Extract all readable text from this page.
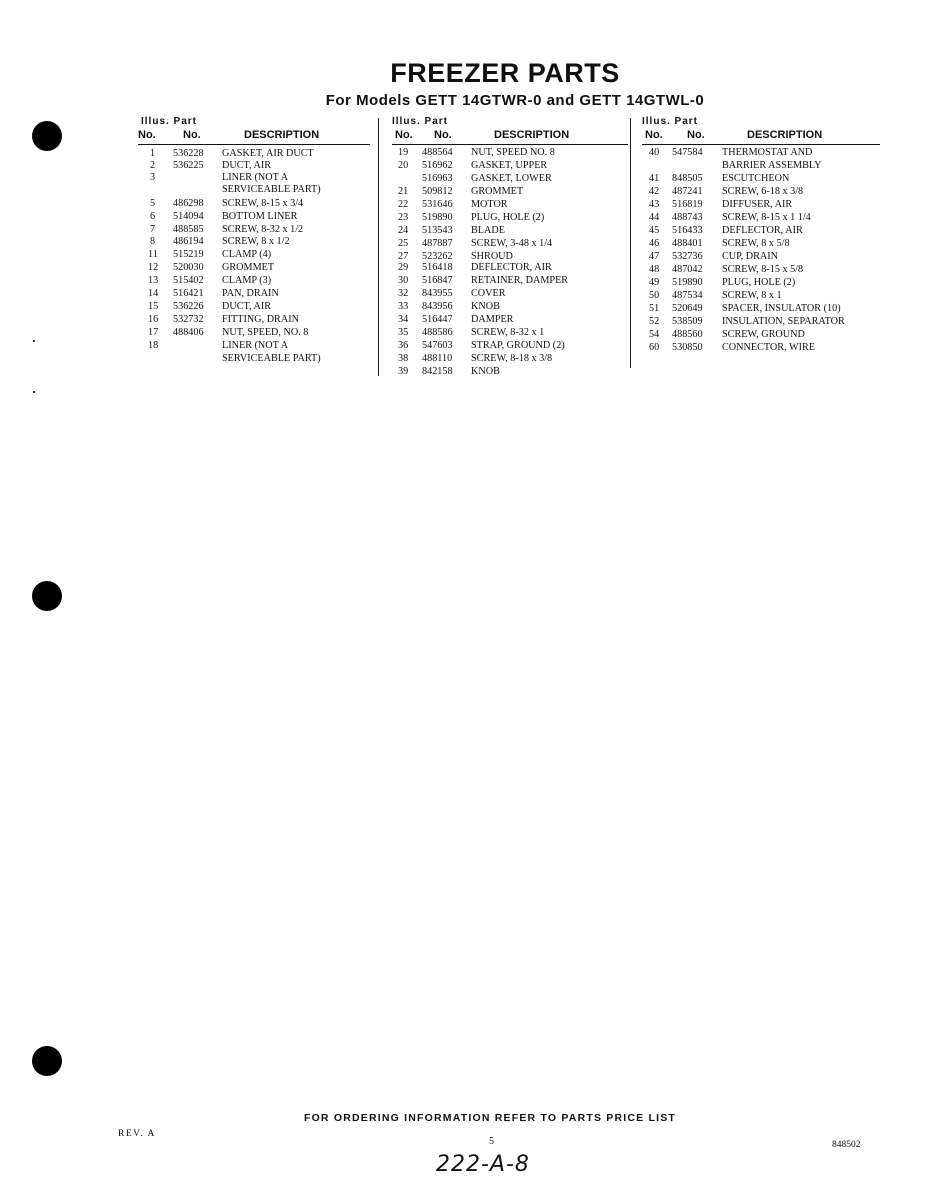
FREEZER PARTS
For Models GETT 14GTWR-0 and GETT 14GTWL-0
Illus. Part
No. No.	DESCRIPTION
1 536228 GASKET, AIR DUCT
2 536225 DUCT, AIR
3	LINER (NOT A
SERVICEABLE PART)
5 486298 SCREW, 8-15 x 3/4
6 514094 BOTTOM LINER
7 488585 SCREW, 8-32 x 1/2
8 486194 SCREW, 8 x 1/2
11 515219 CLAMP (4)
12 520030 GROMMET
13 515402 CLAMP (3)
14 516421 PAN, DRAIN
15 536226 DUCT, AIR
16 532732 FITTING, DRAIN
17 488406 NUT, SPEED, NO. 8
18	LINER (NOT A
SERVICEABLE PART)
Illus. Part
No. No.	DESCRIPTION
19 488564 NUT, SPEED NO. 8
20 516962 GASKET, UPPER
516963 GASKET, LOWER
21 509812 GROMMET
22 531646 MOTOR
23 519890 PLUG, HOLE (2)
24 513543 BLADE
25 487887 SCREW, 3-48 x 1/4
27 523262 SHROUD
29 516418 DEFLECTOR, AIR
30 516847 RETAINER, DAMPER
32 843955 COVER
33 843956 KNOB
34 516447 DAMPER
35 488586 SCREW, 8-32 x 1
36 547603 STRAP, GROUND (2)
38 488110 SCREW, 8-18 x 3/8
39 842158 KNOB
Illus. Part
No. No.	DESCRIPTION
40 547584 THERMOSTAT AND
BARRIER ASSEMBLY
41 848505 ESCUTCHEON
42 487241 SCREW, 6-18 x 3/8
43 516819 DIFFUSER, AIR
44 488743 SCREW, 8-15 x 1 1/4
45 516433 DEFLECTOR, AIR
46 488401 SCREW, 8 x 5/8
47 532736 CUP, DRAIN
48 487042 SCREW, 8-15 x 5/8
49 519890 PLUG, HOLE (2)
50 487534 SCREW, 8 x 1
51 520649 SPACER, INSULATOR (10)
52 538509 INSULATION, SEPARATOR
54 488560 SCREW, GROUND
60 530850 CONNECTOR, WIRE
FOR ORDERING INFORMATION REFER TO PARTS PRICE LIST
REV. A
5	848502
222-A-8
